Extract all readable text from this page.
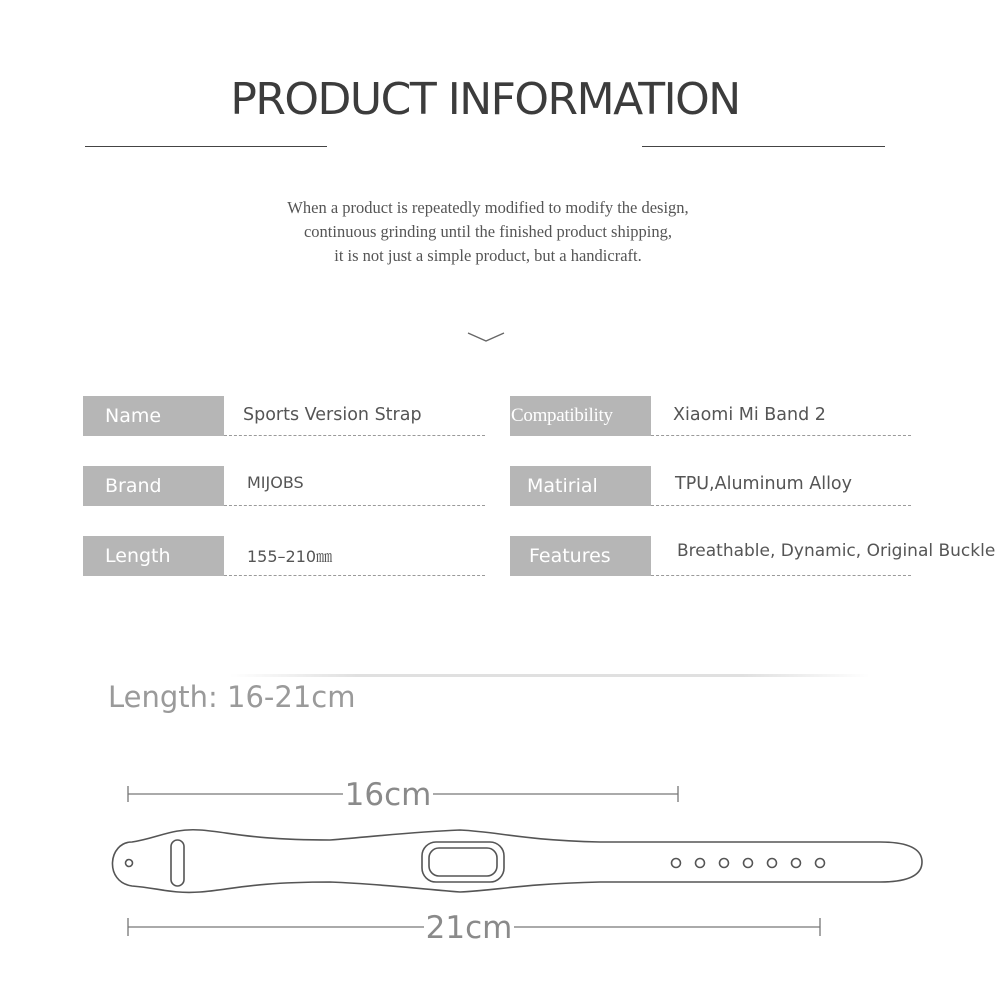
PRODUCT INFORMATION

When a product is repeatedly modified to modify the design,

continuous grinding until the finished product shipping,

it is not just a simple product, but a handicraft.

Name	Sports Version Strap
Brand	MIJOBS
Length	155–210㎜
Compatibility	Xiaomi Mi Band 2
Matirial	TPU,Aluminum Alloy
Features	Breathable, Dynamic, Original Buckle
Length: 16-21cm
16cm
21cm
